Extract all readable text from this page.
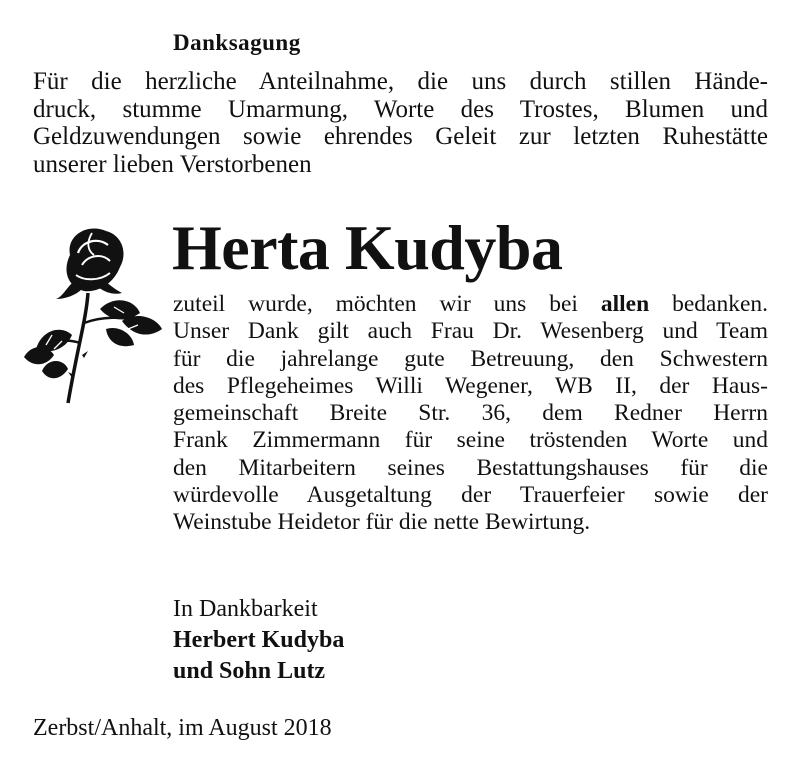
Danksagung

Für die herzliche Anteilnahme, die uns durch stillen Hände-
druck, stumme Umarmung, Worte des Trostes, Blumen und
Geldzuwendungen sowie ehrendes Geleit zur letzten Ruhestätte
unserer lieben Verstorbenen

Herta Kudyba

zuteil wurde, möchten wir uns bei allen bedanken.
Unser Dank gilt auch Frau Dr. Wesenberg und Team
für die jahrelange gute Betreuung, den Schwestern
des Pflegeheimes Willi Wegener, WB II, der Haus-
gemeinschaft Breite Str. 36, dem Redner Herrn
Frank Zimmermann für seine tröstenden Worte und
den Mitarbeitern seines Bestattungshauses für die
würdevolle Ausgetaltung der Trauerfeier sowie der
Weinstube Heidetor für die nette Bewirtung.

In Dankbarkeit
Herbert Kudyba
und Sohn Lutz

Zerbst/Anhalt, im August 2018
